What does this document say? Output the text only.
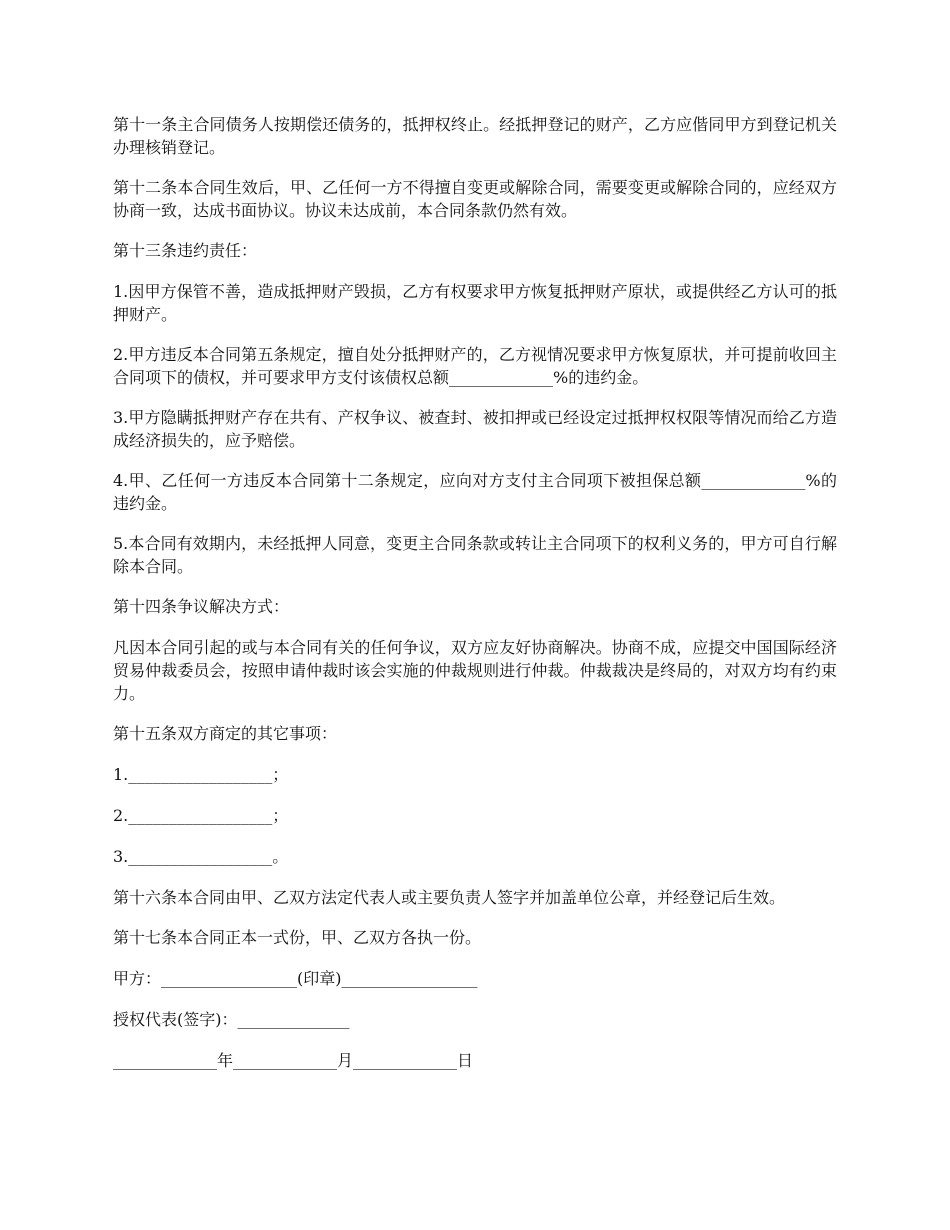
第十一条主合同债务人按期偿还债务的，抵押权终止。经抵押登记的财产，乙方应偕同甲方到登记机关办理核销登记。

第十二条本合同生效后，甲、乙任何一方不得擅自变更或解除合同，需要变更或解除合同的，应经双方协商一致，达成书面协议。协议未达成前，本合同条款仍然有效。

第十三条违约责任：

1.因甲方保管不善，造成抵押财产毁损，乙方有权要求甲方恢复抵押财产原状，或提供经乙方认可的抵押财产。

2.甲方违反本合同第五条规定，擅自处分抵押财产的，乙方视情况要求甲方恢复原状，并可提前收回主合同项下的债权，并可要求甲方支付该债权总额_____________%的违约金。

3.甲方隐瞒抵押财产存在共有、产权争议、被查封、被扣押或已经设定过抵押权权限等情况而给乙方造成经济损失的，应予赔偿。

4.甲、乙任何一方违反本合同第十二条规定，应向对方支付主合同项下被担保总额_____________%的违约金。

5.本合同有效期内，未经抵押人同意，变更主合同条款或转让主合同项下的权利义务的，甲方可自行解除本合同。

第十四条争议解决方式：

凡因本合同引起的或与本合同有关的任何争议，双方应友好协商解决。协商不成，应提交中国国际经济贸易仲裁委员会，按照申请仲裁时该会实施的仲裁规则进行仲裁。仲裁裁决是终局的，对双方均有约束力。

第十五条双方商定的其它事项：

1.__________________；

2.__________________；

3.__________________。

第十六条本合同由甲、乙双方法定代表人或主要负责人签字并加盖单位公章，并经登记后生效。

第十七条本合同正本一式份，甲、乙双方各执一份。

甲方：_________________(印章)_________________

授权代表(签字)：______________

_____________年_____________月_____________日
